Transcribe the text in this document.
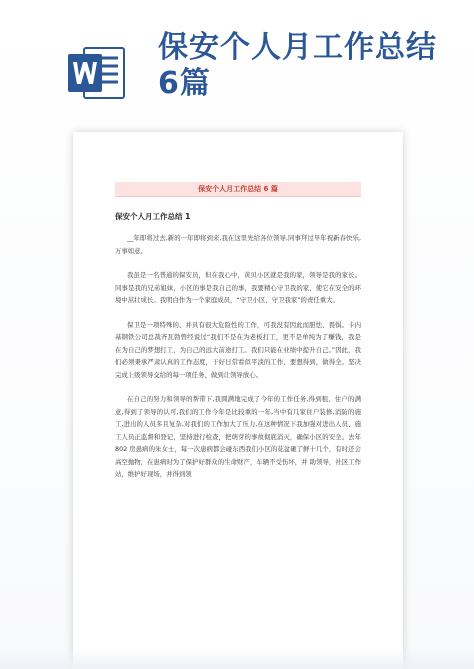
保安个人月工作总结6篇
保安个人月工作总结 6 篇
保安个人月工作总结 1
__年即将过去,新的一年即将到来,我在这里先给各位领导,同事拜过早年祝新春快乐,万事如意。
我虽是一名普通的保安员，但在我心中，黄贝小区就是我的家，领导是我的家长。同事是我的兄弟姐妹，小区的事是我自己的事，我要精心守卫我的家，使它在安全的环境中茁壮成长。我明白作为一个家庭成员，“守卫小区、守卫我家”的责任重大。
保卫是一项特殊的、并具有很大危险性的工作，可我没有因此而胆怯、畏惧。卡内基钢铁公司总裁齐瓦勃曾经说过“我们不是在为老板打工，更不是单纯为了赚钱，我是在为自己的梦想打工，为自己的远大前途打工。我们只能在业绩中提升自己。”因此，我们必须秉承严肃认真的工作态度，干好日常看似平淡的工作，要想得到，做得全。坚决完成上级领导交给的每一项任务，做到让领导放心。
在自己的努力和领导的帮带下,我圆满地完成了今年的工作任务,得到租、住户的满意,得到了领导的认可,我们的工作今年是比较重的一年,当中有几家住户装修,消防的施工,进出的人员多且复杂,对我们的工作加大了压力,在这种情况下我加强对进出人员、施工人员正监督和登记，坚持进行检查，把萌芽的事故彻底消灭，确保小区的安全。去年 802 房患病的朱女士，每一次患病都会碰东西我们小区的花盆砸了鲜十几个，有时还会高空抛物，在患病时为了保护好群众的生命财产，车辆不受伤坏，并 助领导，社区工作站，维护好现场，并得到领
